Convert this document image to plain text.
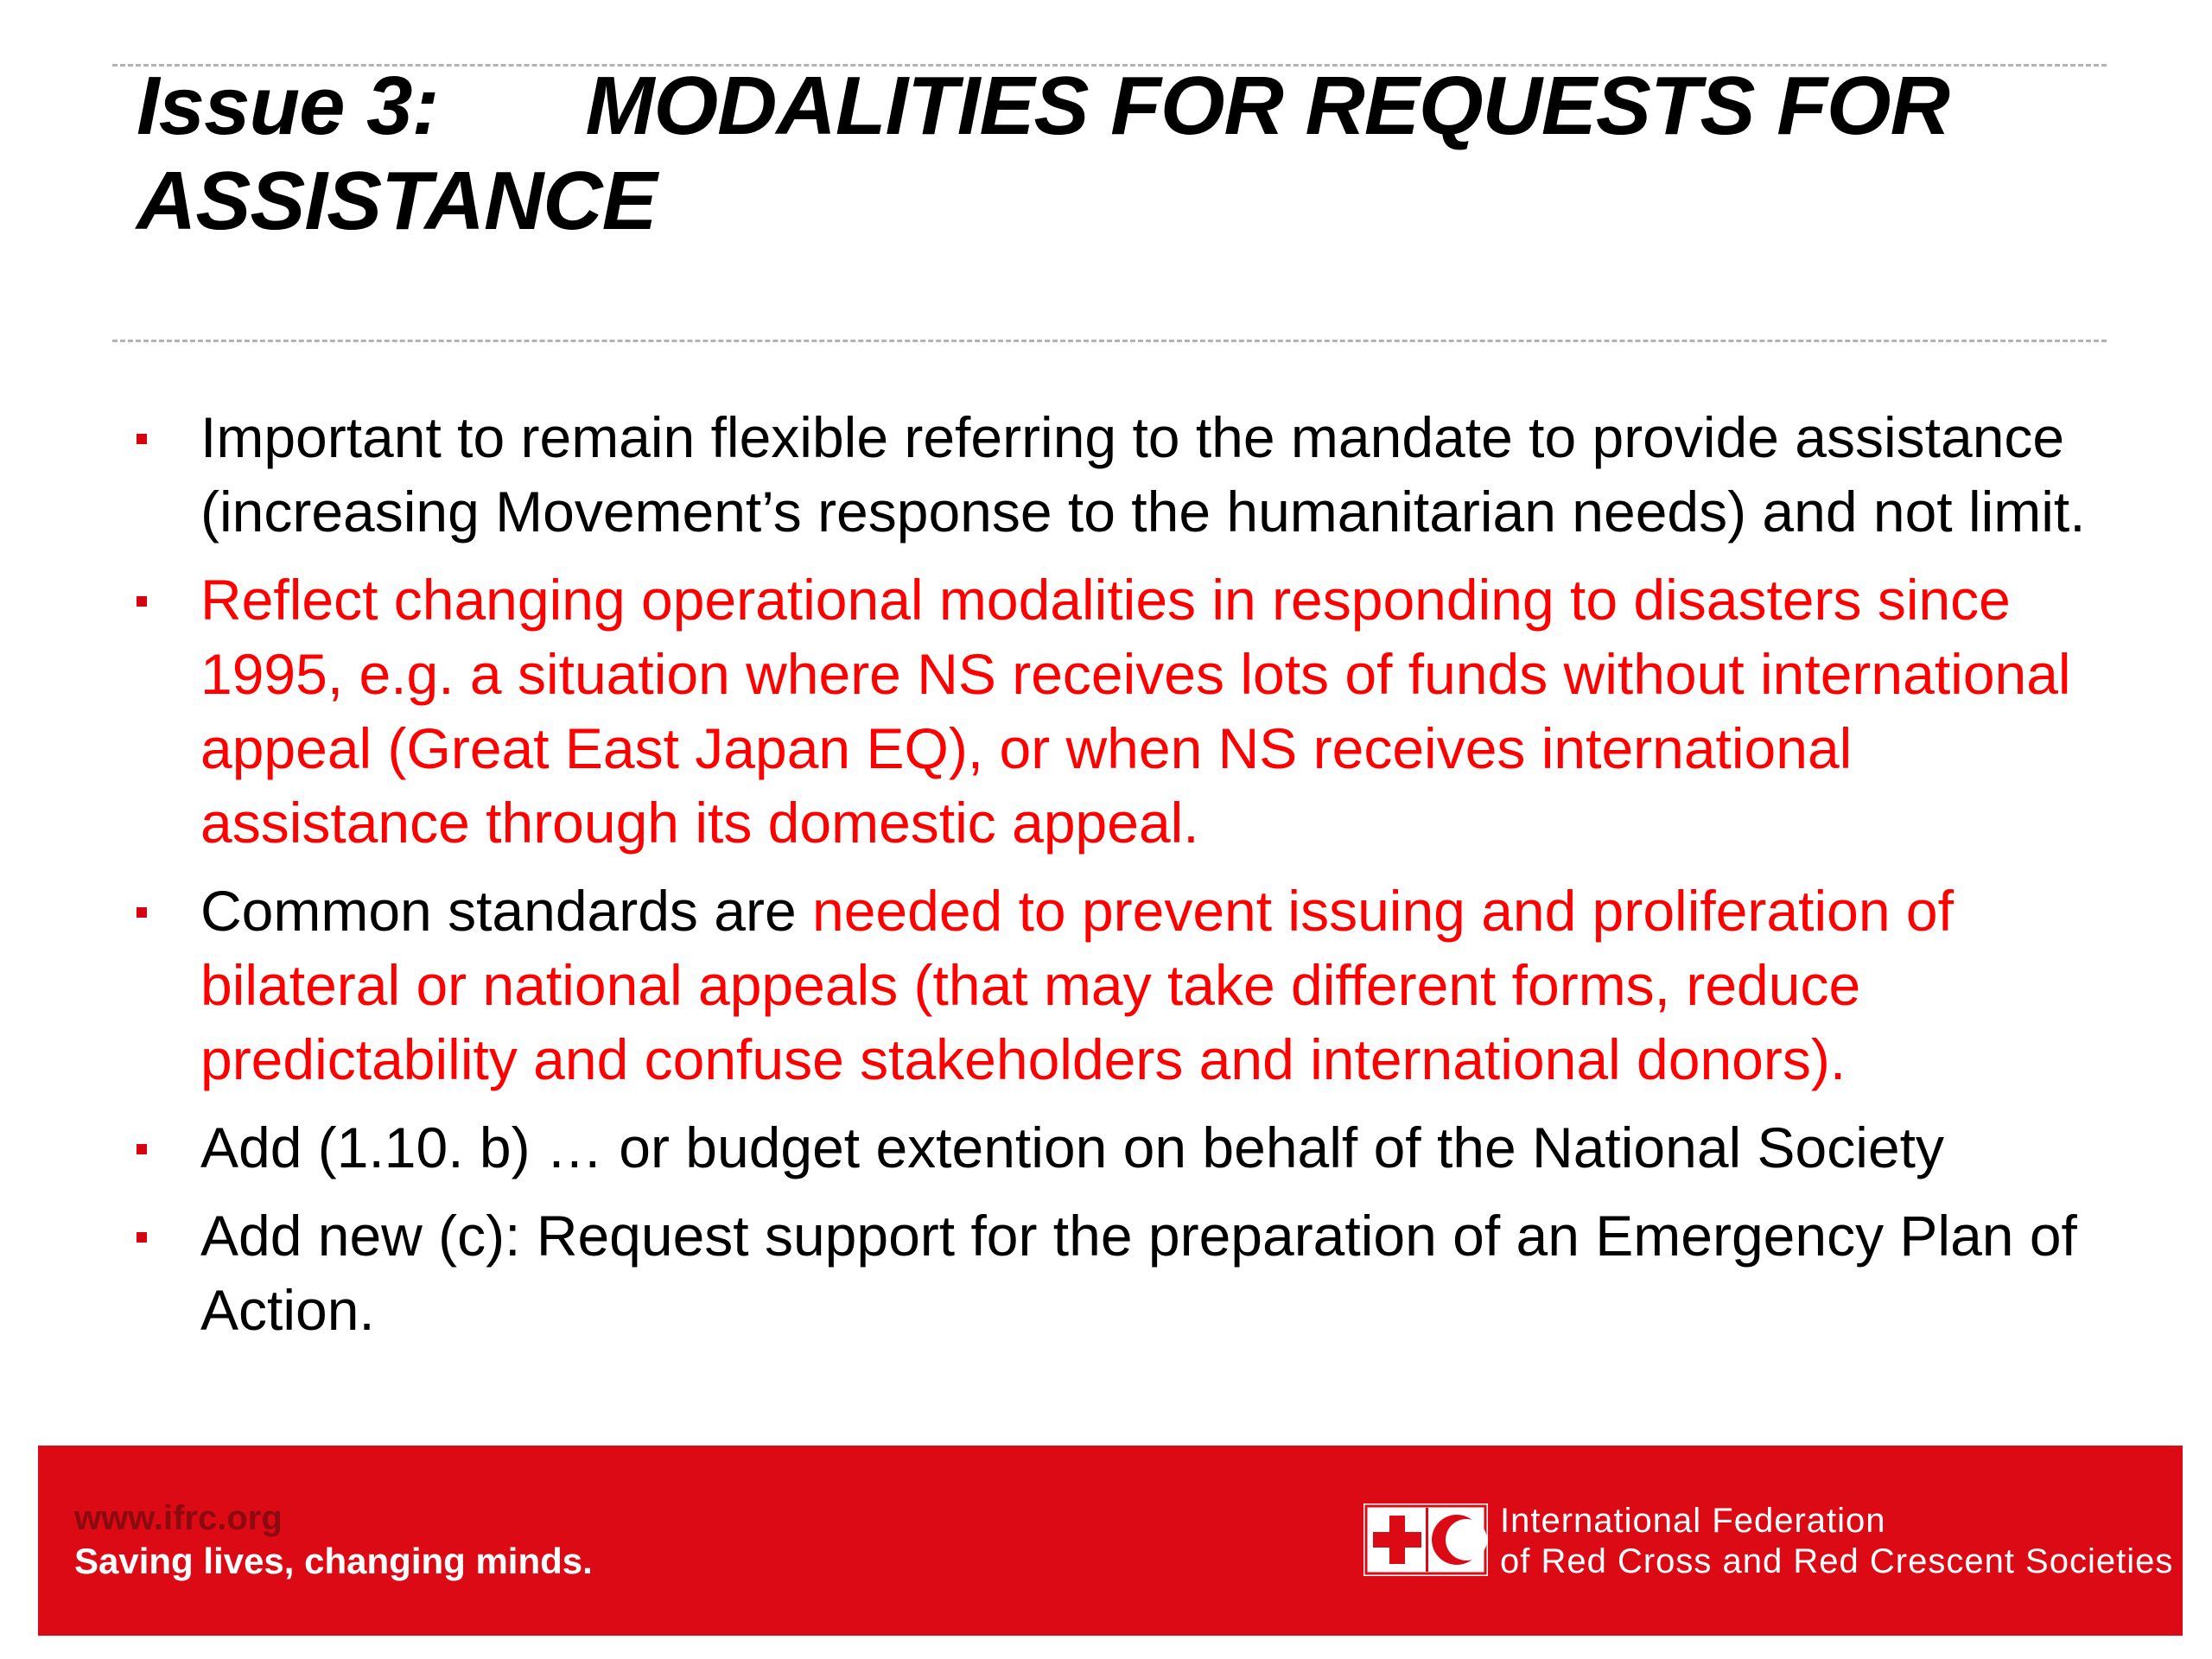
Issue 3: MODALITIES FOR REQUESTS FOR ASSISTANCE
Important to remain flexible referring to the mandate to provide assistance (increasing Movement’s response to the humanitarian needs) and not limit.
Reflect changing operational modalities in responding to disasters since 1995, e.g. a situation where NS receives lots of funds without international appeal (Great East Japan EQ), or when NS receives international assistance through its domestic appeal.
Common standards are needed to prevent issuing and proliferation of bilateral or national appeals (that may take different forms, reduce predictability and confuse stakeholders and international donors).
Add (1.10. b) … or budget extention on behalf of the National Society
Add new (c): Request support for the preparation of an Emergency Plan of Action.
www.ifrc.org
Saving lives, changing minds.
International Federation
of Red Cross and Red Crescent Societies
